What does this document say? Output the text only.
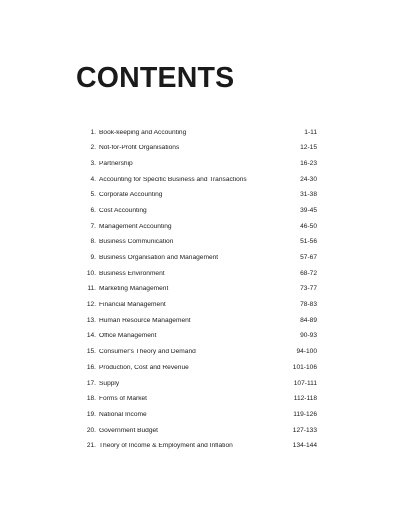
CONTENTS
1. Book-keeping and Accounting	1-11
2. Not-for-Profit Organisations	12-15
3. Partnership	16-23
4. Accounting for Specific Business and Transactions	24-30
5. Corporate Accounting	31-38
6. Cost Accounting	39-45
7. Management Accounting	46-50
8. Business Communication	51-56
9. Business Organisation and Management	57-67
10. Business Environment	68-72
11. Marketing Management	73-77
12. Financial Management	78-83
13. Human Resource Management	84-89
14. Office Management	90-93
15. Consumer's Theory and Demand	94-100
16. Production, Cost and Revenue	101-106
17. Supply	107-111
18. Forms of Market	112-118
19. National Income	119-126
20. Government Budget	127-133
21. Theory of Income & Employment and Inflation	134-144
